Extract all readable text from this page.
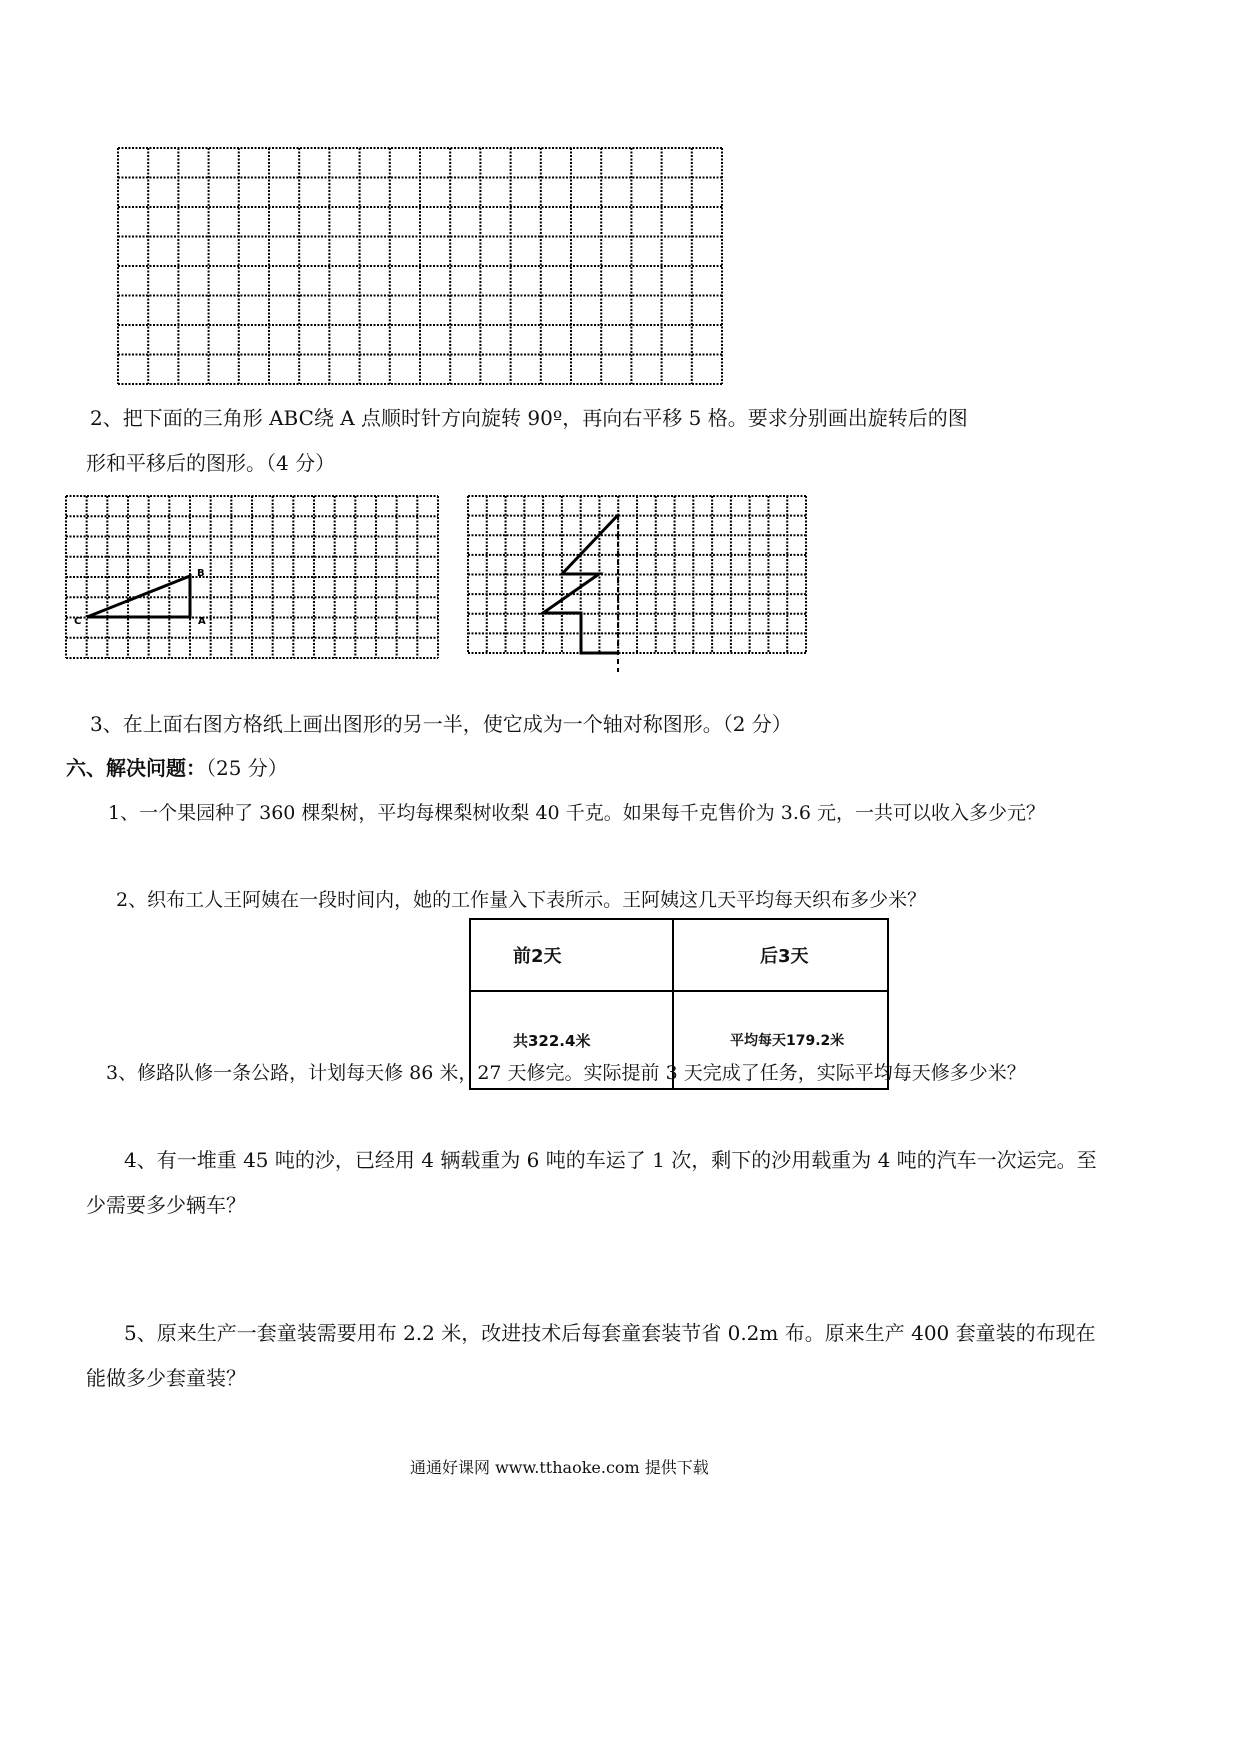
2、把下面的三角形 ABC绕 A 点顺时针方向旋转 90º，再向右平移 5 格。要求分别画出旋转后的图
形和平移后的图形。（4 分）
B
C	A
3、在上面右图方格纸上画出图形的另一半，使它成为一个轴对称图形。（2 分）
六、解决问题：（25 分）
1、一个果园种了 360 棵梨树，平均每棵梨树收梨 40 千克。如果每千克售价为 3.6 元，一共可以收入多少元？
2、织布工人王阿姨在一段时间内，她的工作量入下表所示。王阿姨这几天平均每天织布多少米？
前2天	后3天
共322.4米	平均每天179.2米
3、修路队修一条公路，计划每天修 86 米，27 天修完。实际提前 3 天完成了任务，实际平均每天修多少米？
4、有一堆重 45 吨的沙，已经用 4 辆载重为 6 吨的车运了 1 次，剩下的沙用载重为 4 吨的汽车一次运完。至
少需要多少辆车？
5、原来生产一套童装需要用布 2.2 米，改进技术后每套童套装节省 0.2m 布。原来生产 400 套童装的布现在
能做多少套童装？
通通好课网 www.tthaoke.com 提供下载
